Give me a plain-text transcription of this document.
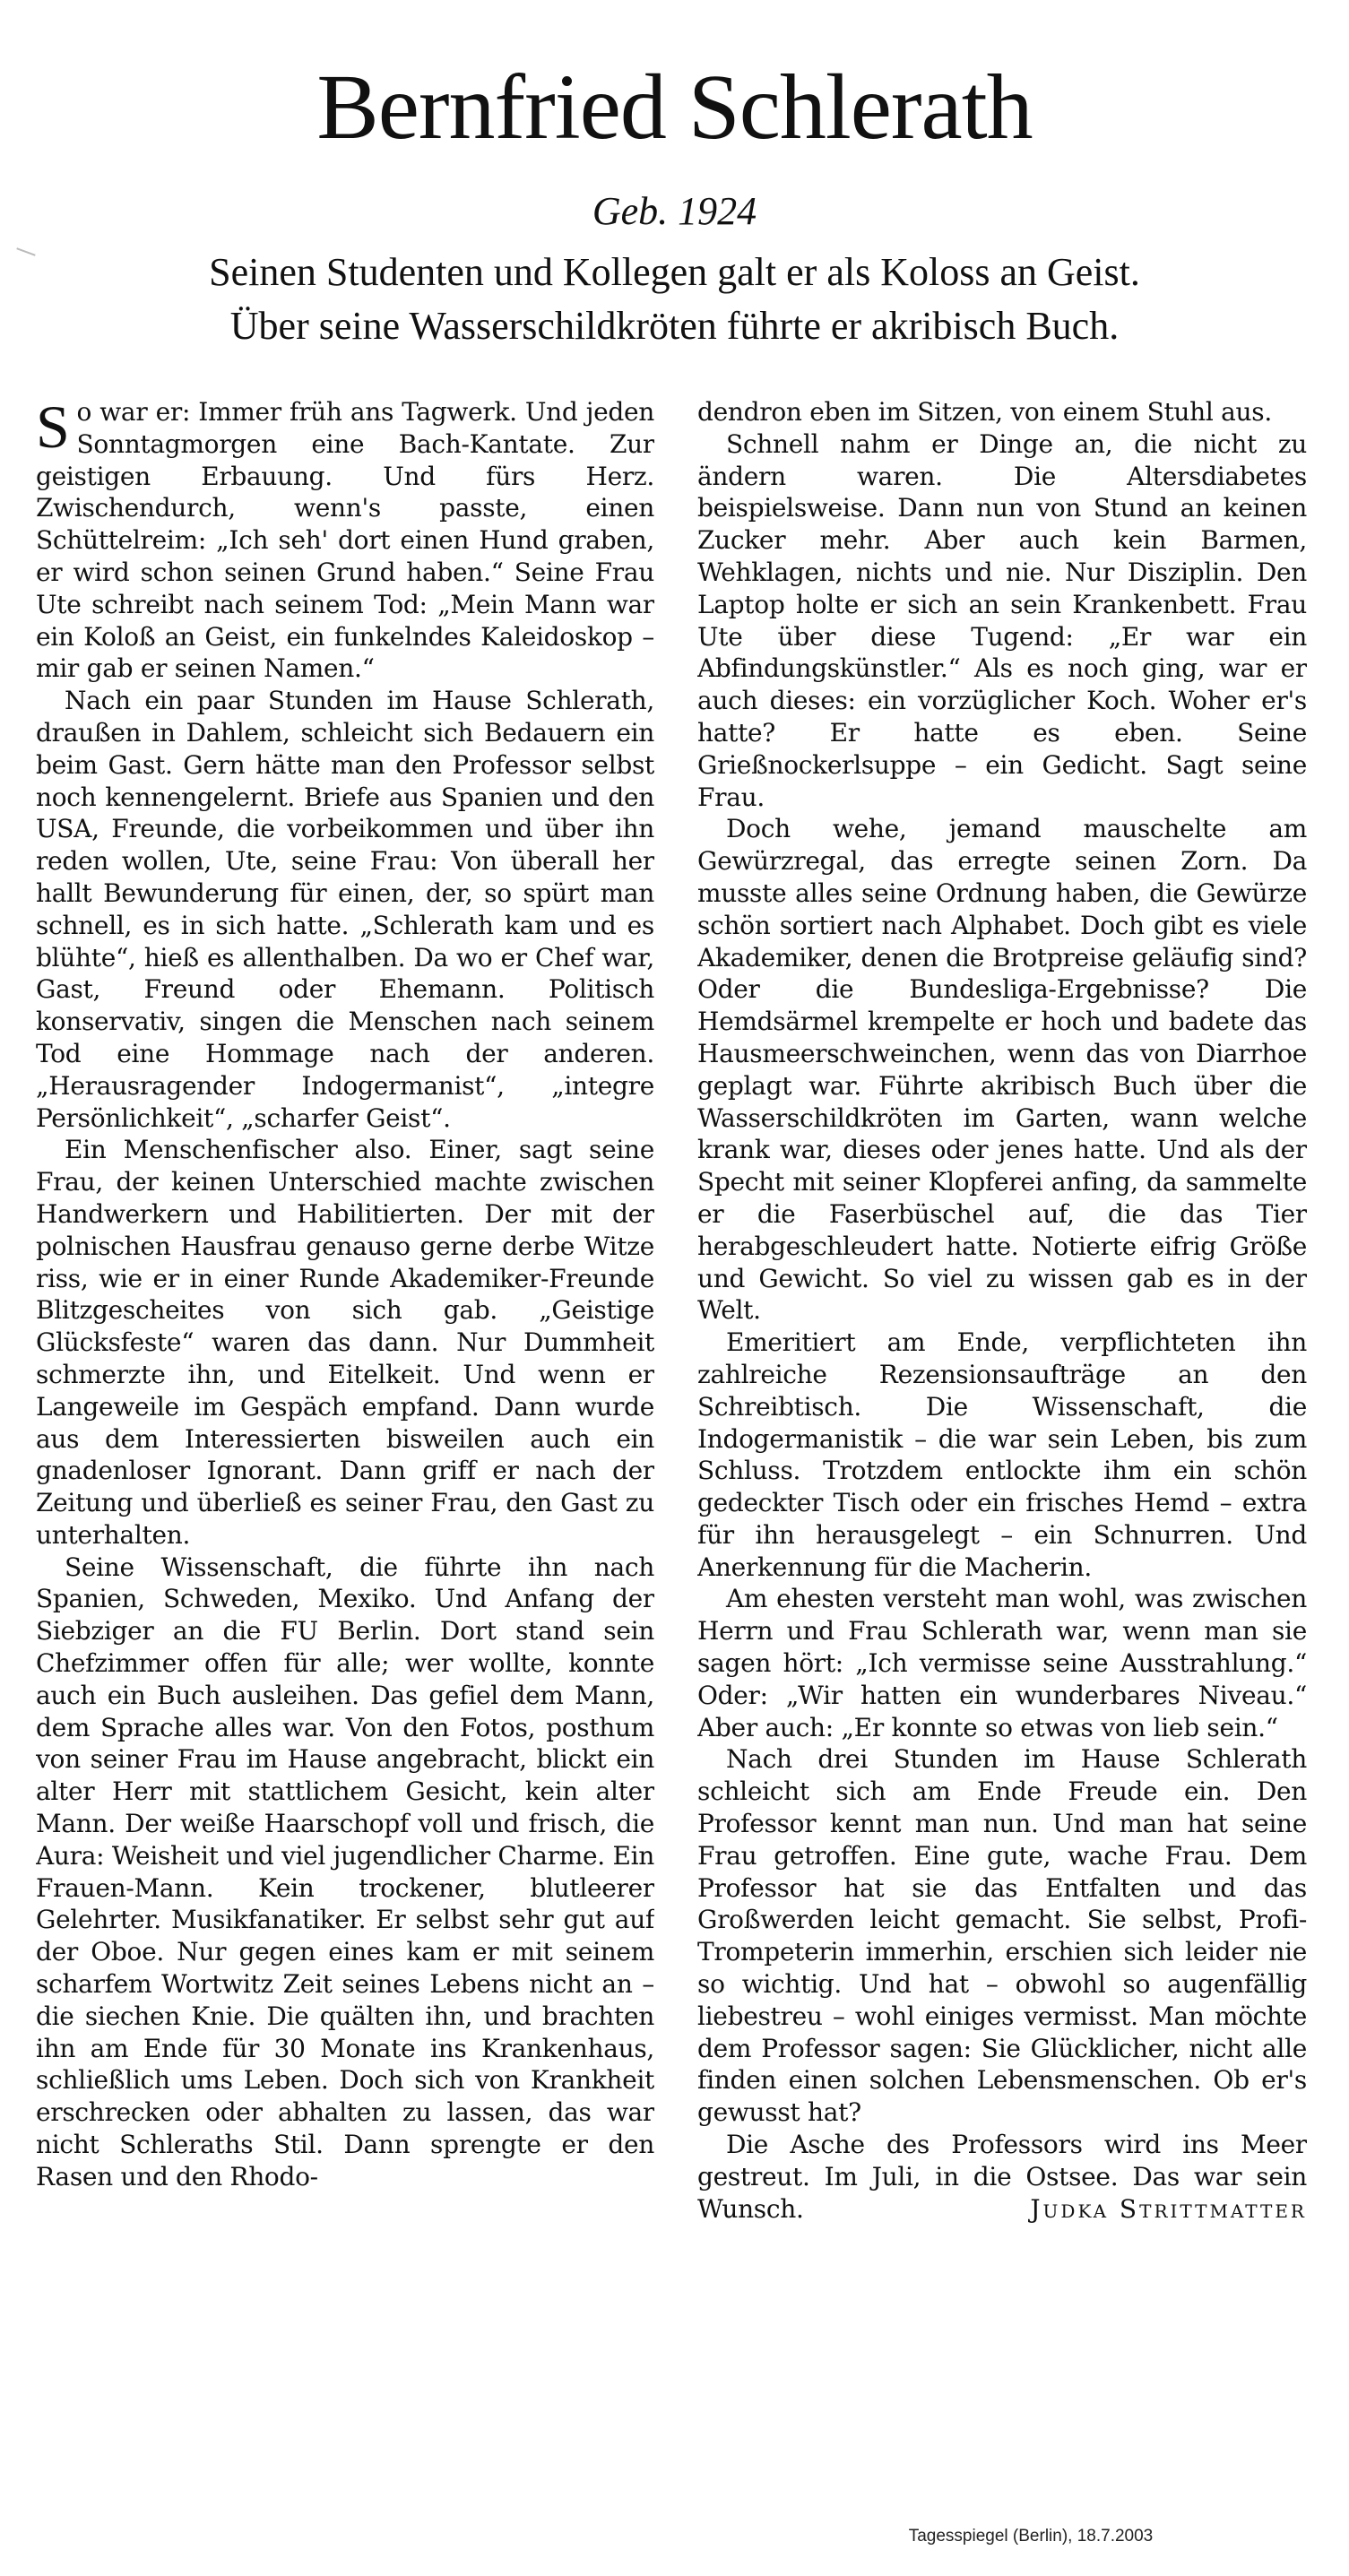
Bernfried Schlerath
Geb. 1924
Seinen Studenten und Kollegen galt er als Koloss an Geist.
Über seine Wasserschildkröten führte er akribisch Buch.

So war er: Immer früh ans Tagwerk. Und jeden Sonntagmorgen eine Bach-Kantate. Zur geistigen Erbauung. Und fürs Herz. Zwischendurch, wenn's passte, einen Schüttelreim: „Ich seh' dort einen Hund graben, er wird schon seinen Grund haben.“ Seine Frau Ute schreibt nach seinem Tod: „Mein Mann war ein Koloß an Geist, ein funkelndes Kaleidoskop – mir gab er seinen Namen.“

Nach ein paar Stunden im Hause Schlerath, draußen in Dahlem, schleicht sich Bedauern ein beim Gast. Gern hätte man den Professor selbst noch kennengelernt. Briefe aus Spanien und den USA, Freunde, die vorbeikommen und über ihn reden wollen, Ute, seine Frau: Von überall her hallt Bewunderung für einen, der, so spürt man schnell, es in sich hatte. „Schlerath kam und es blühte“, hieß es allenthalben. Da wo er Chef war, Gast, Freund oder Ehemann. Politisch konservativ, singen die Menschen nach seinem Tod eine Hommage nach der anderen. „Herausragender Indogermanist“, „integre Persönlichkeit“, „scharfer Geist“.

Ein Menschenfischer also. Einer, sagt seine Frau, der keinen Unterschied machte zwischen Handwerkern und Habilitierten. Der mit der polnischen Hausfrau genauso gerne derbe Witze riss, wie er in einer Runde Akademiker-Freunde Blitzgescheites von sich gab. „Geistige Glücksfeste“ waren das dann. Nur Dummheit schmerzte ihn, und Eitelkeit. Und wenn er Langeweile im Gespäch empfand. Dann wurde aus dem Interessierten bisweilen auch ein gnadenloser Ignorant. Dann griff er nach der Zeitung und überließ es seiner Frau, den Gast zu unterhalten.

Seine Wissenschaft, die führte ihn nach Spanien, Schweden, Mexiko. Und Anfang der Siebziger an die FU Berlin. Dort stand sein Chefzimmer offen für alle; wer wollte, konnte auch ein Buch ausleihen. Das gefiel dem Mann, dem Sprache alles war. Von den Fotos, posthum von seiner Frau im Hause angebracht, blickt ein alter Herr mit stattlichem Gesicht, kein alter Mann. Der weiße Haarschopf voll und frisch, die Aura: Weisheit und viel jugendlicher Charme. Ein Frauen-Mann. Kein trockener, blutleerer Gelehrter. Musikfanatiker. Er selbst sehr gut auf der Oboe. Nur gegen eines kam er mit seinem scharfem Wortwitz Zeit seines Lebens nicht an – die siechen Knie. Die quälten ihn, und brachten ihn am Ende für 30 Monate ins Krankenhaus, schließlich ums Leben. Doch sich von Krankheit erschrecken oder abhalten zu lassen, das war nicht Schleraths Stil. Dann sprengte er den Rasen und den Rhodo-

dendron eben im Sitzen, von einem Stuhl aus.

Schnell nahm er Dinge an, die nicht zu ändern waren. Die Altersdiabetes beispielsweise. Dann nun von Stund an keinen Zucker mehr. Aber auch kein Barmen, Wehklagen, nichts und nie. Nur Disziplin. Den Laptop holte er sich an sein Krankenbett. Frau Ute über diese Tugend: „Er war ein Abfindungskünstler.“ Als es noch ging, war er auch dieses: ein vorzüglicher Koch. Woher er's hatte? Er hatte es eben. Seine Grießnockerlsuppe – ein Gedicht. Sagt seine Frau.

Doch wehe, jemand mauschelte am Gewürzregal, das erregte seinen Zorn. Da musste alles seine Ordnung haben, die Gewürze schön sortiert nach Alphabet. Doch gibt es viele Akademiker, denen die Brotpreise geläufig sind? Oder die Bundesliga-Ergebnisse? Die Hemdsärmel krempelte er hoch und badete das Hausmeerschweinchen, wenn das von Diarrhoe geplagt war. Führte akribisch Buch über die Wasserschildkröten im Garten, wann welche krank war, dieses oder jenes hatte. Und als der Specht mit seiner Klopferei anfing, da sammelte er die Faserbüschel auf, die das Tier herabgeschleudert hatte. Notierte eifrig Größe und Gewicht. So viel zu wissen gab es in der Welt.

Emeritiert am Ende, verpflichteten ihn zahlreiche Rezensionsaufträge an den Schreibtisch. Die Wissenschaft, die Indogermanistik – die war sein Leben, bis zum Schluss. Trotzdem entlockte ihm ein schön gedeckter Tisch oder ein frisches Hemd – extra für ihn herausgelegt – ein Schnurren. Und Anerkennung für die Macherin.

Am ehesten versteht man wohl, was zwischen Herrn und Frau Schlerath war, wenn man sie sagen hört: „Ich vermisse seine Ausstrahlung.“ Oder: „Wir hatten ein wunderbares Niveau.“ Aber auch: „Er konnte so etwas von lieb sein.“

Nach drei Stunden im Hause Schlerath schleicht sich am Ende Freude ein. Den Professor kennt man nun. Und man hat seine Frau getroffen. Eine gute, wache Frau. Dem Professor hat sie das Entfalten und das Großwerden leicht gemacht. Sie selbst, Profi-Trompeterin immerhin, erschien sich leider nie so wichtig. Und hat – obwohl so augenfällig liebestreu – wohl einiges vermisst. Man möchte dem Professor sagen: Sie Glücklicher, nicht alle finden einen solchen Lebensmenschen. Ob er's gewusst hat?

Die Asche des Professors wird ins Meer gestreut. Im Juli, in die Ostsee. Das war sein Wunsch.	Judka Strittmatter

Tagesspiegel (Berlin), 18.7.2003
